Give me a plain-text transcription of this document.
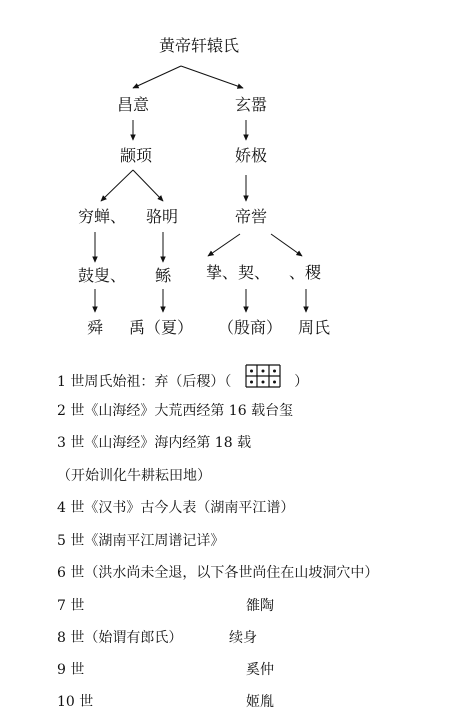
黄帝轩辕氏
昌意	玄嚣
颛顼	娇极
穷蝉、 骆明	帝喾
鼓叟、 鲧 挚、契、 、稷
舜 禹（夏） （殷商） 周氏
1 世周氏始祖：弃（后稷）（	）
2 世《山海经》大荒西经第 16 载台玺
3 世《山海经》海内经第 18 载
（开始训化牛耕耘田地）
4 世《汉书》古今人表（湖南平江谱）
5 世《湖南平江周谱记详》
6 世（洪水尚未全退，以下各世尚住在山坡洞穴中）
7 世	雒陶
8 世（始谓有郎氏）	续身
9 世	奚仲
10 世	姬胤
